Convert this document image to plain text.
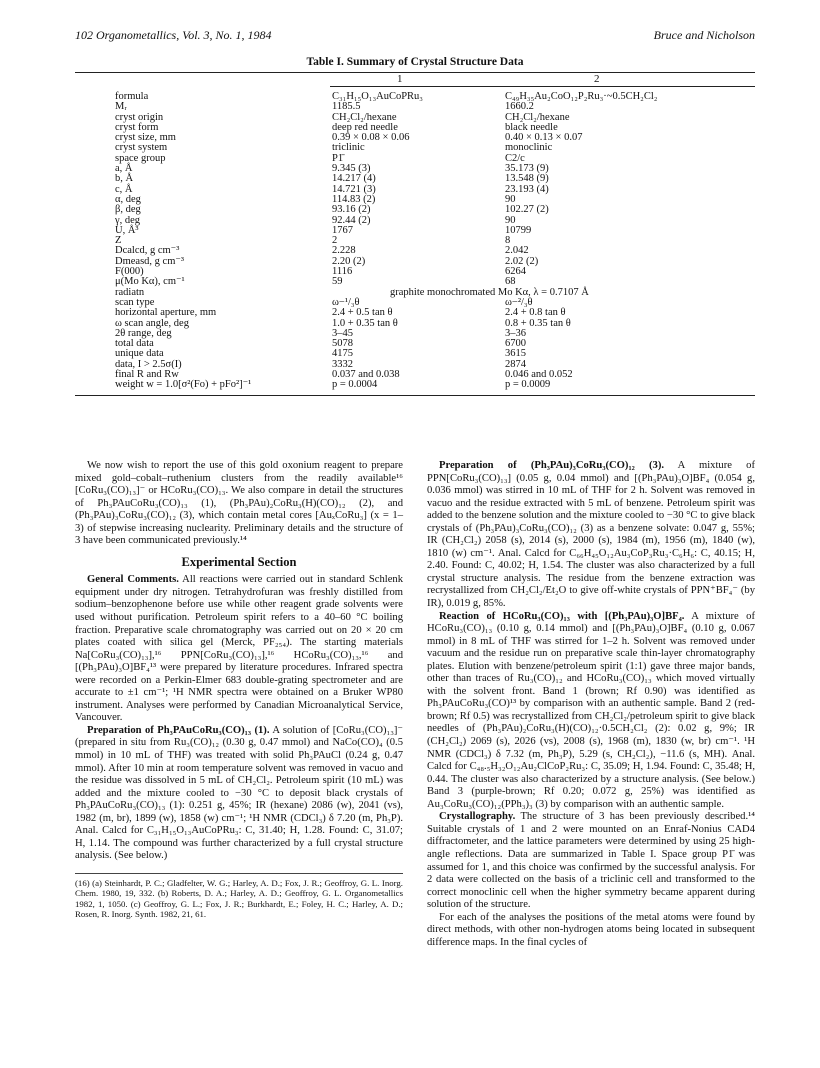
102 Organometallics, Vol. 3, No. 1, 1984	Bruce and Nicholson
Table I. Summary of Crystal Structure Data
1	2
formula	C₃₁H₁₅O₁₃AuCoPRu₃	C₄₉H₃₅Au₂CoO₁₂P₂Ru₃·~0.5CH₂Cl₂
Mᵣ	1185.5	1660.2
cryst origin	CH₂Cl₂/hexane	CH₂Cl₂/hexane
cryst form	deep red needle	black needle
cryst size, mm	0.39 × 0.08 × 0.06	0.40 × 0.13 × 0.07
cryst system	triclinic	monoclinic
space group	P1̄	C2/c
a, Å	9.345 (3)	35.173 (9)
b, Å	14.217 (4)	13.548 (9)
c, Å	14.721 (3)	23.193 (4)
α, deg	114.83 (2)	90
β, deg	93.16 (2)	102.27 (2)
γ, deg	92.44 (2)	90
U, Å³	1767	10799
Z	2	8
Dcalcd, g cm⁻³	2.228	2.042
Dmeasd, g cm⁻³	2.20 (2)	2.02 (2)
F(000)	1116	6264
μ(Mo Kα), cm⁻¹	59	68
radiatn	graphite monochromated Mo Kα, λ = 0.7107 Å
scan type	ω−¹/₃θ	ω−²/₃θ
horizontal aperture, mm	2.4 + 0.5 tan θ	2.4 + 0.8 tan θ
ω scan angle, deg	1.0 + 0.35 tan θ	0.8 + 0.35 tan θ
2θ range, deg	3–45	3–36
total data	5078	6700
unique data	4175	3615
data, I > 2.5σ(I)	3332	2874
final R and Rw	0.037 and 0.038	0.046 and 0.052
weight w = 1.0[σ²(Fo) + pFo²]⁻¹	p = 0.0004	p = 0.0009

We now wish to report the use of this gold oxonium reagent to prepare mixed gold–cobalt–ruthenium clusters from the readily available¹⁶ [CoRu₃(CO)₁₃]⁻ or HCoRu₃(CO)₁₃. We also compare in detail the structures of Ph₃PAuCoRu₃(CO)₁₃ (1), (Ph₃PAu)₂CoRu₃(H)(CO)₁₂ (2), and (Ph₃PAu)₃CoRu₃(CO)₁₂ (3), which contain metal cores [AuₓCoRu₃] (x = 1–3) of stepwise increasing nuclearity. Preliminary details and the structure of 3 have been communicated previously.¹⁴

Experimental Section

General Comments. All reactions were carried out in standard Schlenk equipment under dry nitrogen. Tetrahydrofuran was freshly distilled from sodium–benzophenone before use while other reagent grade solvents were used without purification. Petroleum spirit refers to a 40–60 °C boiling fraction. Preparative scale chromatography was carried out on 20 × 20 cm plates coated with silica gel (Merck, PF₂₅₄). The starting materials Na[CoRu₃(CO)₁₃],¹⁶ PPN[CoRu₃(CO)₁₃],¹⁶ HCoRu₃(CO)₁₃,¹⁶ and [(Ph₃PAu)₃O]BF₄¹³ were prepared by literature procedures. Infrared spectra were recorded on a Perkin-Elmer 683 double-grating spectrometer and are accurate to ±1 cm⁻¹; ¹H NMR spectra were obtained on a Bruker WP80 instrument. Analyses were performed by Canadian Microanalytical Service, Vancouver.

Preparation of Ph₃PAuCoRu₃(CO)₁₃ (1). A solution of [CoRu₃(CO)₁₃]⁻ (prepared in situ from Ru₃(CO)₁₂ (0.30 g, 0.47 mmol) and NaCo(CO)₄ (0.5 mmol) in 10 mL of THF) was treated with solid Ph₃PAuCl (0.24 g, 0.47 mmol). After 10 min at room temperature solvent was removed in vacuo and the residue was dissolved in 5 mL of CH₂Cl₂. Petroleum spirit (10 mL) was added and the mixture cooled to −30 °C to deposit black crystals of Ph₃PAuCoRu₃(CO)₁₃ (1): 0.251 g, 45%; IR (hexane) 2086 (w), 2041 (vs), 1982 (m, br), 1899 (w), 1858 (w) cm⁻¹; ¹H NMR (CDCl₃) δ 7.20 (m, Ph₃P). Anal. Calcd for C₃₁H₁₅O₁₃AuCoPRu₃: C, 31.40; H, 1.28. Found: C, 31.07; H, 1.14. The compound was further characterized by a full crystal structure analysis. (See below.)

(16) (a) Steinhardt, P. C.; Gladfelter, W. G.; Harley, A. D.; Fox, J. R.; Geoffroy, G. L. Inorg. Chem. 1980, 19, 332. (b) Roberts, D. A.; Harley, A. D.; Geoffroy, G. L. Organometallics 1982, 1, 1050. (c) Geoffroy, G. L.; Fox, J. R.; Burkhardt, E.; Foley, H. C.; Harley, A. D.; Rosen, R. Inorg. Synth. 1982, 21, 61.

Preparation of (Ph₃PAu)₃CoRu₃(CO)₁₂ (3). A mixture of PPN[CoRu₃(CO)₁₃] (0.05 g, 0.04 mmol) and [(Ph₃PAu)₃O]BF₄ (0.054 g, 0.036 mmol) was stirred in 10 mL of THF for 2 h. Solvent was removed in vacuo and the residue extracted with 5 mL of benzene. Petroleum spirit was added to the benzene solution and the mixture cooled to −30 °C to give black crystals of (Ph₃PAu)₃CoRu₃(CO)₁₂ (3) as a benzene solvate: 0.047 g, 55%; IR (CH₂Cl₂) 2058 (s), 2014 (s), 2000 (s), 1984 (m), 1956 (m), 1840 (w), 1810 (w) cm⁻¹. Anal. Calcd for C₆₆H₄₅O₁₂Au₃CoP₃Ru₃·C₆H₆: C, 40.15; H, 2.40. Found: C, 40.02; H, 1.54. The cluster was also characterized by a full crystal structure analysis. The residue from the benzene extraction was recrystallized from CH₂Cl₂/Et₂O to give off-white crystals of PPN⁺BF₄⁻ (by IR), 0.019 g, 85%.

Reaction of HCoRu₃(CO)₁₃ with [(Ph₃PAu)₃O]BF₄. A mixture of HCoRu₃(CO)₁₃ (0.10 g, 0.14 mmol) and [(Ph₃PAu)₃O]BF₄ (0.10 g, 0.067 mmol) in 8 mL of THF was stirred for 1–2 h. Solvent was removed under vacuum and the residue run on preparative scale thin-layer chromatography plates. Elution with benzene/petroleum spirit (1:1) gave three major bands, other than traces of Ru₃(CO)₁₂ and HCoRu₃(CO)₁₃ which moved virtually with the solvent front. Band 1 (brown; Rf 0.90) was identified as Ph₃PAuCoRu₃(CO)¹³ by comparison with an authentic sample. Band 2 (red-brown; Rf 0.5) was recrystallized from CH₂Cl₂/petroleum spirit to give black needles of (Ph₃PAu)₂CoRu₃(H)(CO)₁₂·0.5CH₂Cl₂ (2): 0.02 g, 9%; IR (CH₂Cl₂) 2069 (s), 2026 (vs), 2008 (s), 1968 (m), 1830 (w, br) cm⁻¹. ¹H NMR (CDCl₃) δ 7.32 (m, Ph₃P), 5.29 (s, CH₂Cl₂), −11.6 (s, MH). Anal. Calcd for C₄₈.₅H₃₂O₁₂Au₂ClCoP₂Ru₃: C, 35.09; H, 1.94. Found: C, 35.48; H, 0.44. The cluster was also characterized by a structure analysis. (See below.) Band 3 (purple-brown; Rf 0.20; 0.072 g, 25%) was identified as Au₃CoRu₃(CO)₁₂(PPh₃)₃ (3) by comparison with an authentic sample.

Crystallography. The structure of 3 has been previously described.¹⁴ Suitable crystals of 1 and 2 were mounted on an Enraf-Nonius CAD4 diffractometer, and the lattice parameters were determined by using 25 high-angle reflections. Data are summarized in Table I. Space group P1̄ was assumed for 1, and this choice was confirmed by the successful analysis. For 2 data were collected on the basis of a triclinic cell and transformed to the correct monoclinic cell when the higher symmetry became apparent during solution of the structure.

For each of the analyses the positions of the metal atoms were found by direct methods, with other non-hydrogen atoms being located in subsequent difference maps. In the final cycles of
